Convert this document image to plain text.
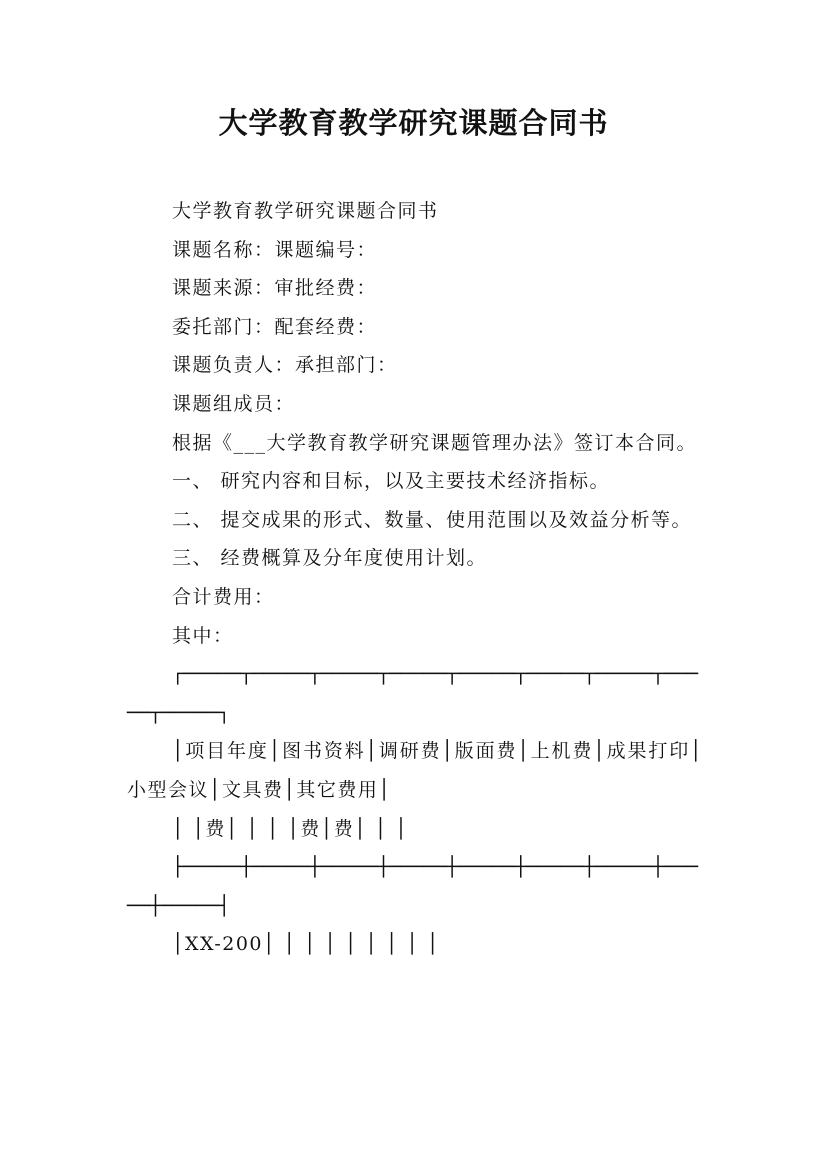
大学教育教学研究课题合同书

大学教育教学研究课题合同书

课题名称：课题编号：

课题来源：审批经费：

委托部门：配套经费：

课题负责人：承担部门：

课题组成员：

根据《___大学教育教学研究课题管理办法》签订本合同。

一、 研究内容和目标，以及主要技术经济指标。

二、 提交成果的形式、数量、使用范围以及效益分析等。

三、 经费概算及分年度使用计划。

合计费用：

其中：

┌─────┬─────┬─────┬─────┬─────┬─────┬─────┬─────┬─────┐

│项目年度│图书资料│调研费│版面费│上机费│成果打印│小型会议│文具费│其它费用│

│ │费│ │ │ │费│费│ │ │

├─────┼─────┼─────┼─────┼─────┼─────┼─────┼─────┼─────┤

│XX-200│ │ │ │ │ │ │ │ │
